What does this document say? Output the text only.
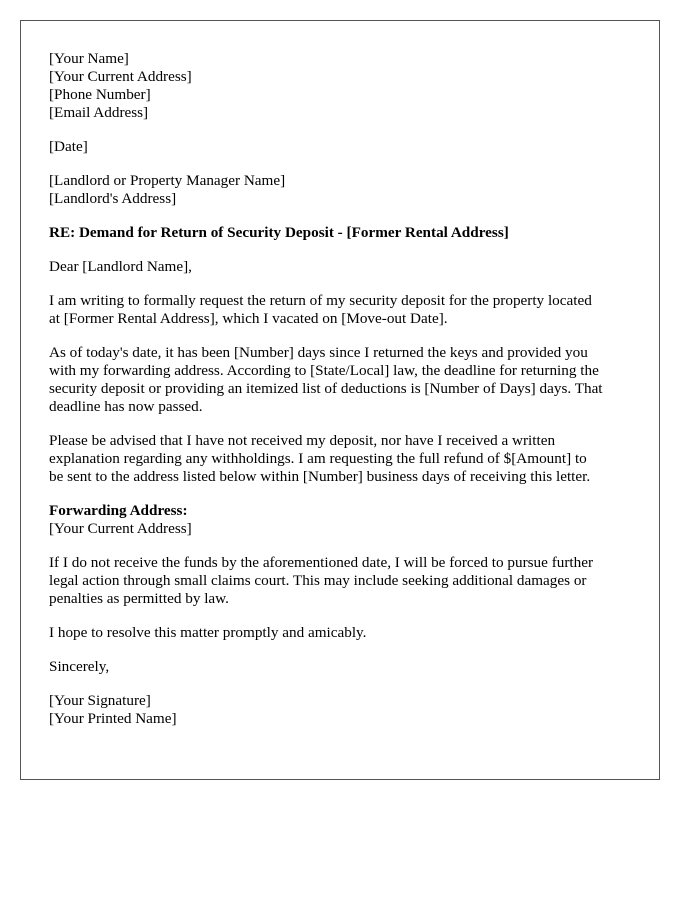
[Your Name]
[Your Current Address]
[Phone Number]
[Email Address]
[Date]
[Landlord or Property Manager Name]
[Landlord's Address]
RE: Demand for Return of Security Deposit - [Former Rental Address]
Dear [Landlord Name],
I am writing to formally request the return of my security deposit for the property located
at [Former Rental Address], which I vacated on [Move-out Date].
As of today's date, it has been [Number] days since I returned the keys and provided you
with my forwarding address. According to [State/Local] law, the deadline for returning the
security deposit or providing an itemized list of deductions is [Number of Days] days. That
deadline has now passed.
Please be advised that I have not received my deposit, nor have I received a written
explanation regarding any withholdings. I am requesting the full refund of $[Amount] to
be sent to the address listed below within [Number] business days of receiving this letter.
Forwarding Address:
[Your Current Address]
If I do not receive the funds by the aforementioned date, I will be forced to pursue further
legal action through small claims court. This may include seeking additional damages or
penalties as permitted by law.
I hope to resolve this matter promptly and amicably.
Sincerely,
[Your Signature]
[Your Printed Name]
